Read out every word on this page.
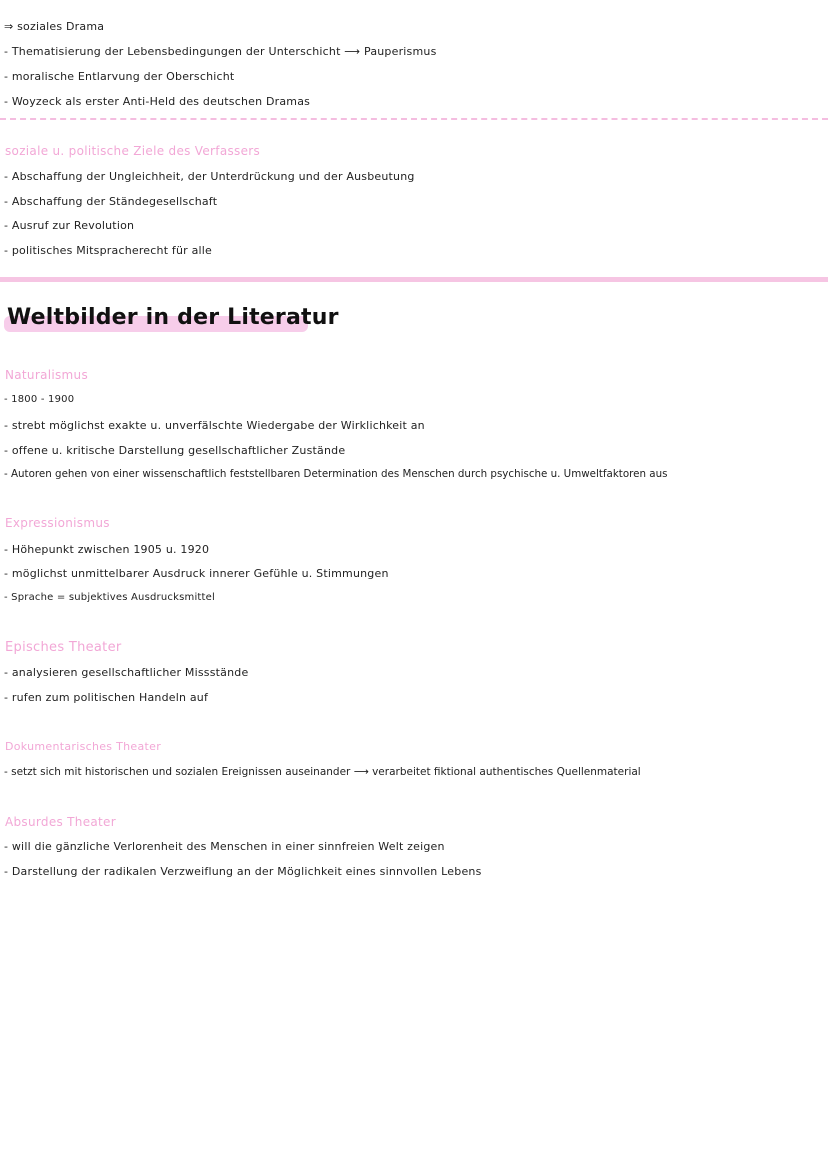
⇒ soziales Drama
- Thematisierung der Lebensbedingungen der Unterschicht ⟶ Pauperismus
- moralische Entlarvung der Oberschicht
- Woyzeck als erster Anti-Held des deutschen Dramas
soziale u. politische Ziele des Verfassers
- Abschaffung der Ungleichheit, der Unterdrückung und der Ausbeutung
- Abschaffung der Ständegesellschaft
- Ausruf zur Revolution
- politisches Mitspracherecht für alle
Weltbilder in der Literatur
Naturalismus
- 1800 - 1900
- strebt möglichst exakte u. unverfälschte Wiedergabe der Wirklichkeit an
- offene u. kritische Darstellung gesellschaftlicher Zustände
- Autoren gehen von einer wissenschaftlich feststellbaren Determination des Menschen durch psychische u. Umweltfaktoren aus
Expressionismus
- Höhepunkt zwischen 1905 u. 1920
- möglichst unmittelbarer Ausdruck innerer Gefühle u. Stimmungen
- Sprache = subjektives Ausdrucksmittel
Episches Theater
- analysieren gesellschaftlicher Missstände
- rufen zum politischen Handeln auf
Dokumentarisches Theater
- setzt sich mit historischen und sozialen Ereignissen auseinander ⟶ verarbeitet fiktional authentisches Quellenmaterial
Absurdes Theater
- will die gänzliche Verlorenheit des Menschen in einer sinnfreien Welt zeigen
- Darstellung der radikalen Verzweiflung an der Möglichkeit eines sinnvollen Lebens
